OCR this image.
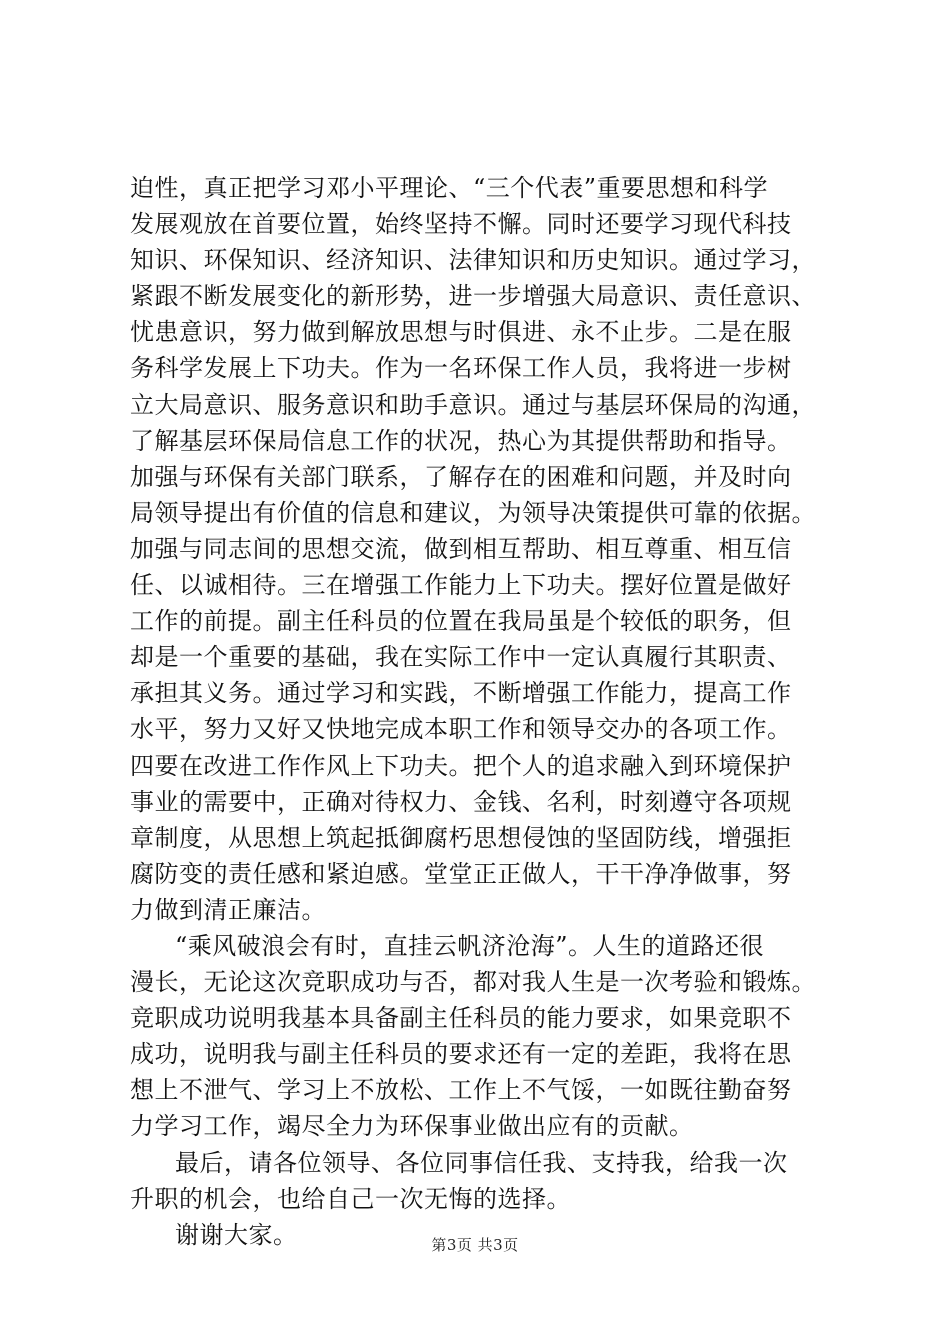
迫性，真正把学习邓小平理论、“三个代表”重要思想和科学
发展观放在首要位置，始终坚持不懈。同时还要学习现代科技
知识、环保知识、经济知识、法律知识和历史知识。通过学习，
紧跟不断发展变化的新形势，进一步增强大局意识、责任意识、
忧患意识，努力做到解放思想与时俱进、永不止步。二是在服
务科学发展上下功夫。作为一名环保工作人员，我将进一步树
立大局意识、服务意识和助手意识。通过与基层环保局的沟通，
了解基层环保局信息工作的状况，热心为其提供帮助和指导。
加强与环保有关部门联系，了解存在的困难和问题，并及时向
局领导提出有价值的信息和建议，为领导决策提供可靠的依据。
加强与同志间的思想交流，做到相互帮助、相互尊重、相互信
任、以诚相待。三在增强工作能力上下功夫。摆好位置是做好
工作的前提。副主任科员的位置在我局虽是个较低的职务，但
却是一个重要的基础，我在实际工作中一定认真履行其职责、
承担其义务。通过学习和实践，不断增强工作能力，提高工作
水平，努力又好又快地完成本职工作和领导交办的各项工作。
四要在改进工作作风上下功夫。把个人的追求融入到环境保护
事业的需要中，正确对待权力、金钱、名利，时刻遵守各项规
章制度，从思想上筑起抵御腐朽思想侵蚀的坚固防线，增强拒
腐防变的责任感和紧迫感。堂堂正正做人，干干净净做事，努
力做到清正廉洁。
“乘风破浪会有时，直挂云帆济沧海”。人生的道路还很
漫长，无论这次竞职成功与否，都对我人生是一次考验和锻炼。
竞职成功说明我基本具备副主任科员的能力要求，如果竞职不
成功，说明我与副主任科员的要求还有一定的差距，我将在思
想上不泄气、学习上不放松、工作上不气馁，一如既往勤奋努
力学习工作，竭尽全力为环保事业做出应有的贡献。
最后，请各位领导、各位同事信任我、支持我，给我一次
升职的机会，也给自己一次无悔的选择。
谢谢大家。	第3页 共3页
